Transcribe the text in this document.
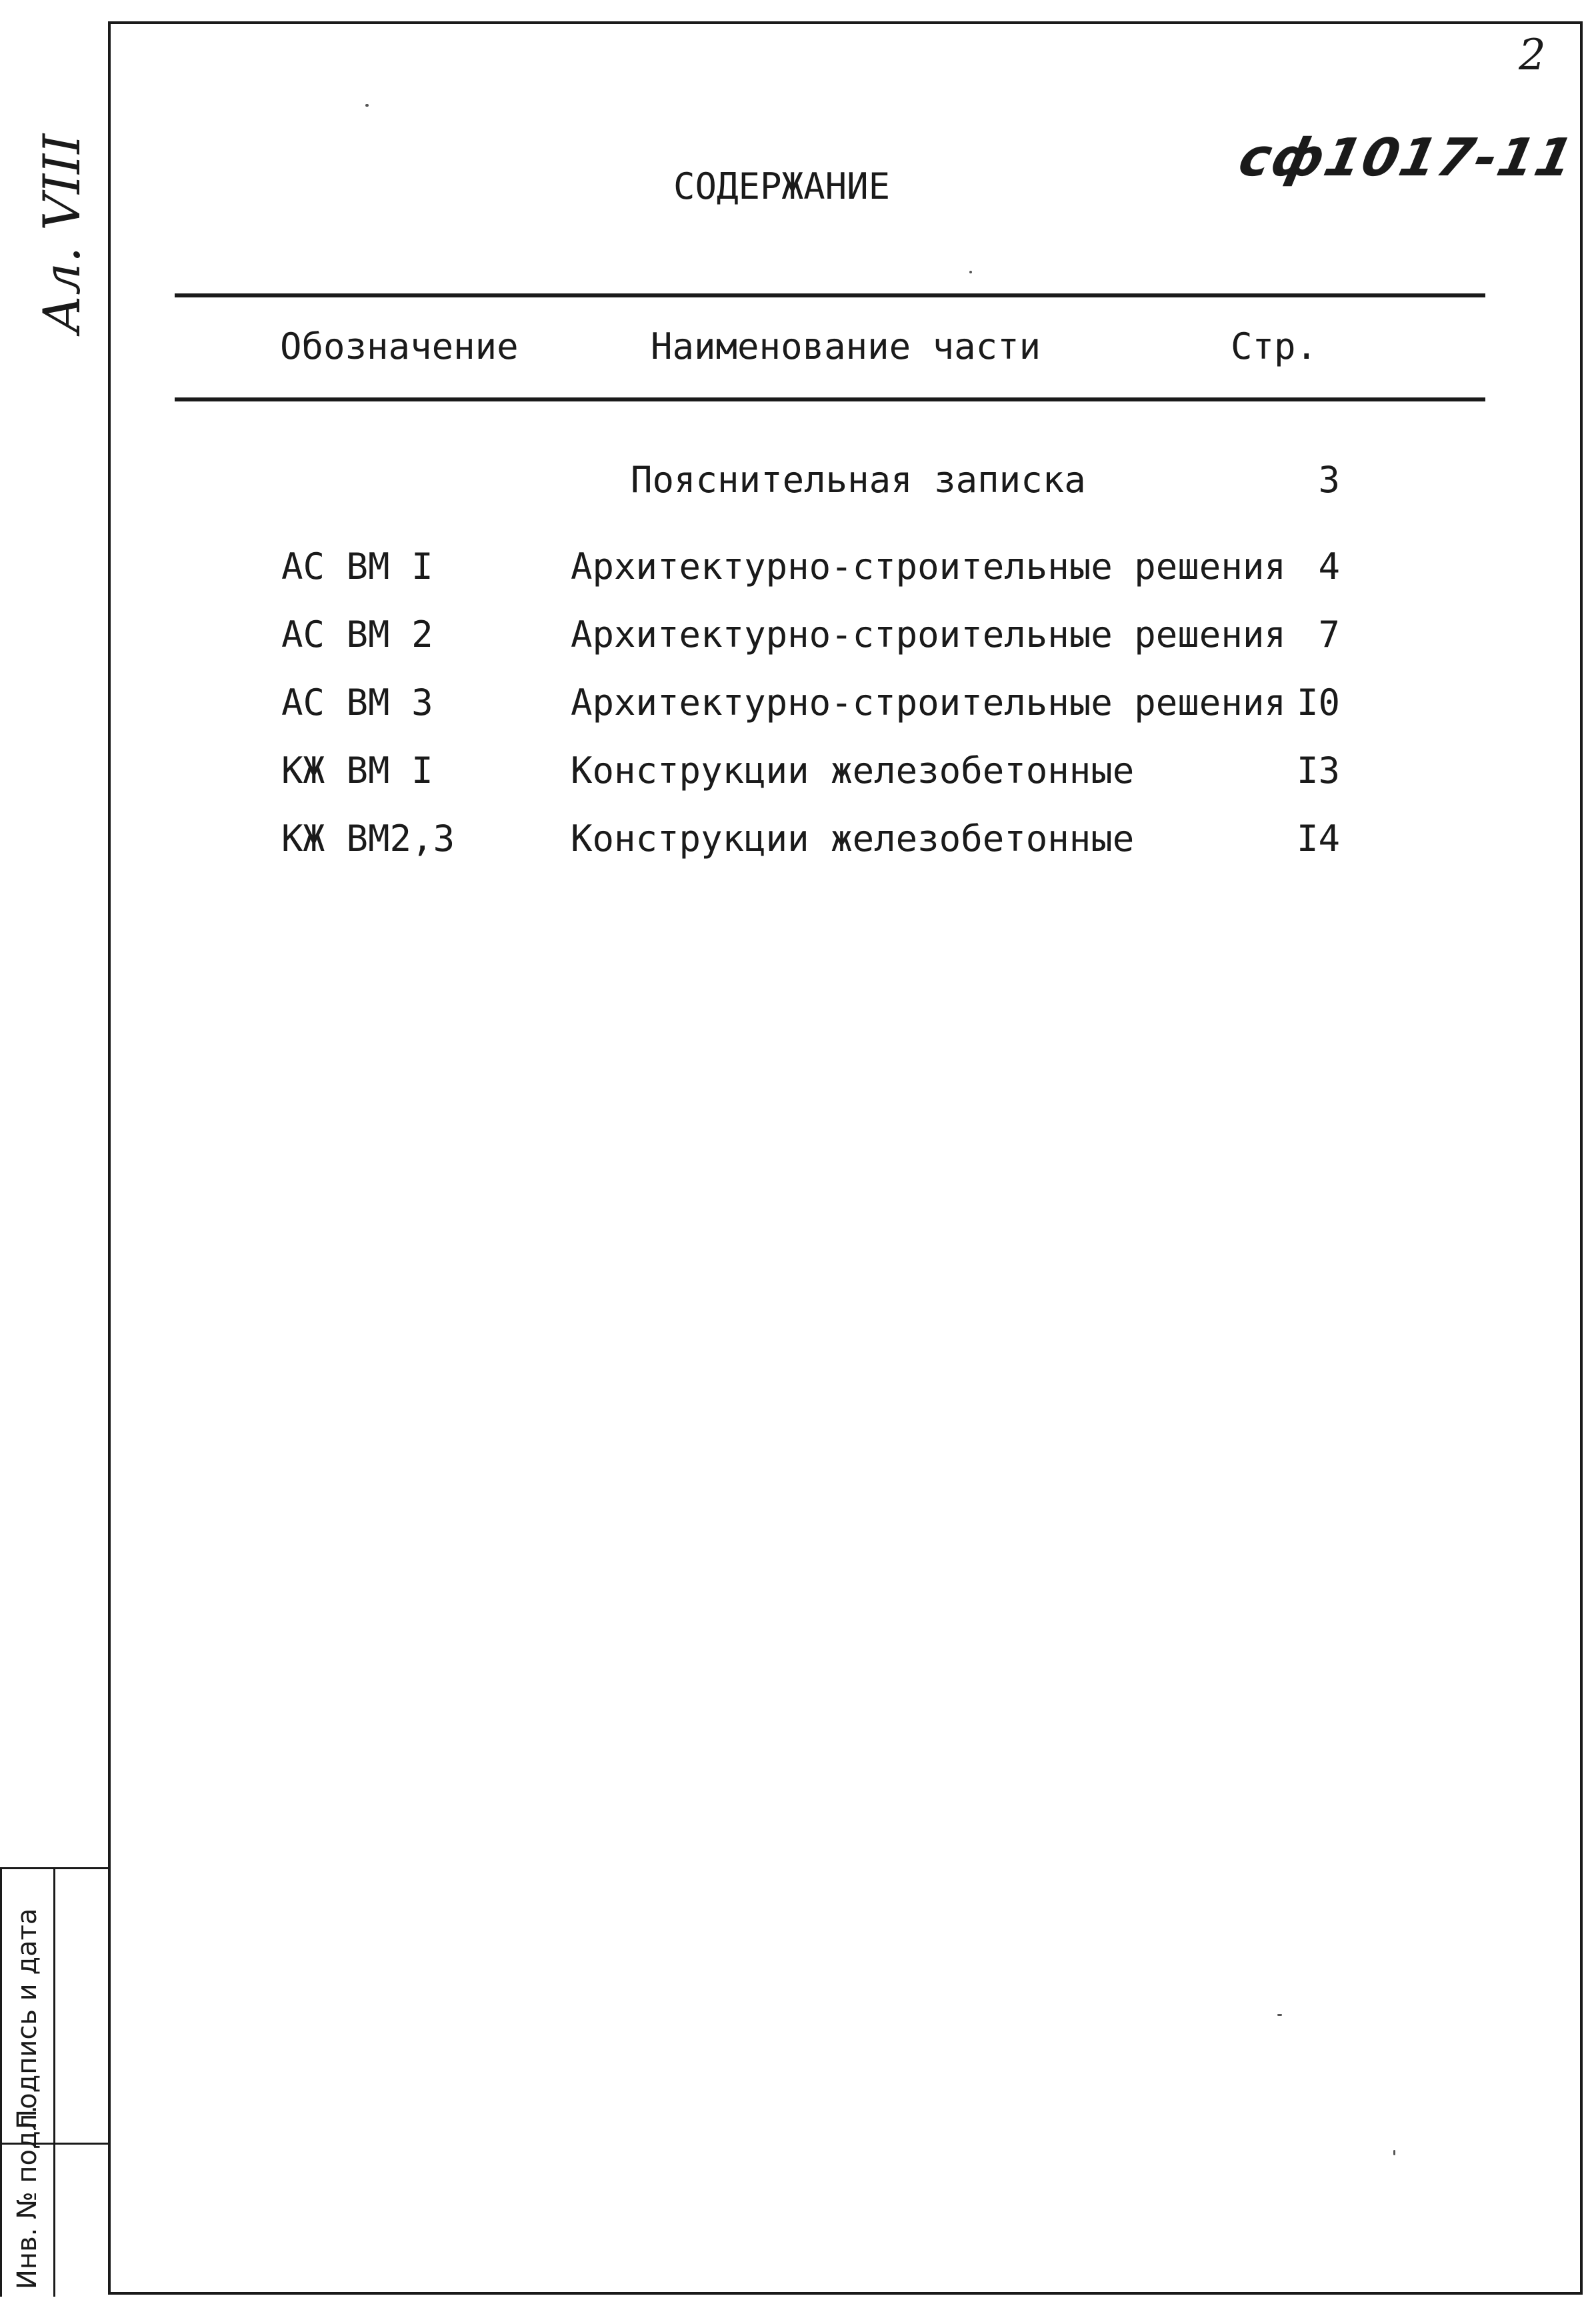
2
сф1017-11
Ал. VIII	СОДЕРЖАНИЕ
Обозначение	Наименование части	Стр.
Пояснительная записка	3
АС ВМ I	Архитектурно-строительные решения 4
АС ВМ 2	Архитектурно-строительные решения 7
АС ВМ 3	Архитектурно-строительные решения I0
КЖ ВМ I	Конструкции железобетонные	I3
КЖ ВМ2,3	Конструкции железобетонные	I4
Подпись и дата
Инв. № подл.
